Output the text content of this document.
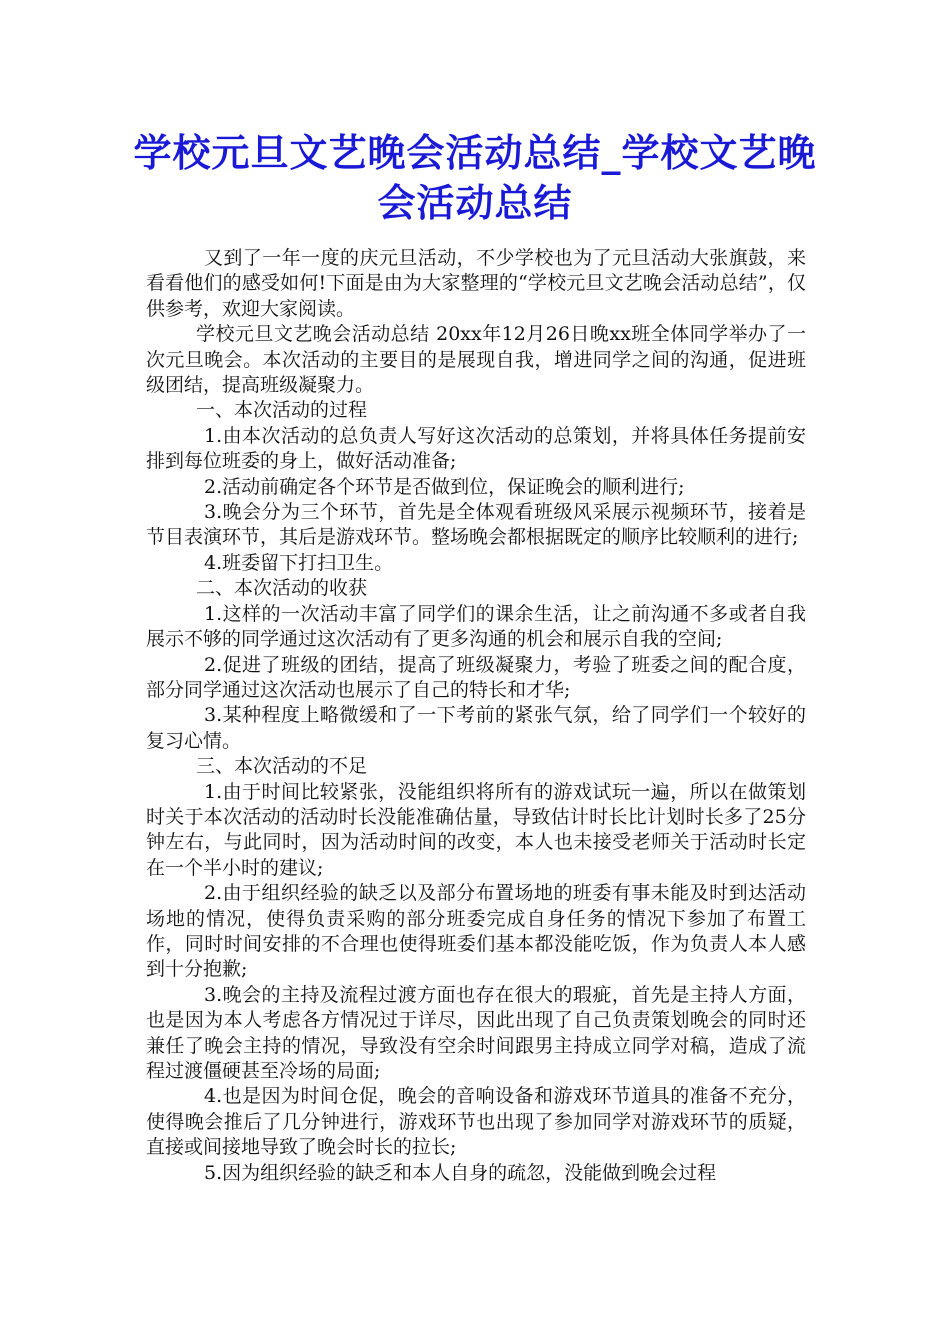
学校元旦文艺晚会活动总结_学校文艺晚会活动总结

又到了一年一度的庆元旦活动，不少学校也为了元旦活动大张旗鼓，来看看他们的感受如何!下面是由为大家整理的“学校元旦文艺晚会活动总结”，仅供参考，欢迎大家阅读。

学校元旦文艺晚会活动总结 20xx年12月26日晚xx班全体同学举办了一次元旦晚会。本次活动的主要目的是展现自我，增进同学之间的沟通，促进班级团结，提高班级凝聚力。

一、本次活动的过程

1.由本次活动的总负责人写好这次活动的总策划，并将具体任务提前安排到每位班委的身上，做好活动准备;

2.活动前确定各个环节是否做到位，保证晚会的顺利进行;

3.晚会分为三个环节，首先是全体观看班级风采展示视频环节，接着是节目表演环节，其后是游戏环节。整场晚会都根据既定的顺序比较顺利的进行;

4.班委留下打扫卫生。

二、本次活动的收获

1.这样的一次活动丰富了同学们的课余生活，让之前沟通不多或者自我展示不够的同学通过这次活动有了更多沟通的机会和展示自我的空间;

2.促进了班级的团结，提高了班级凝聚力，考验了班委之间的配合度，部分同学通过这次活动也展示了自己的特长和才华;

3.某种程度上略微缓和了一下考前的紧张气氛，给了同学们一个较好的复习心情。

三、本次活动的不足

1.由于时间比较紧张，没能组织将所有的游戏试玩一遍，所以在做策划时关于本次活动的活动时长没能准确估量，导致估计时长比计划时长多了25分钟左右，与此同时，因为活动时间的改变，本人也未接受老师关于活动时长定在一个半小时的建议;

2.由于组织经验的缺乏以及部分布置场地的班委有事未能及时到达活动场地的情况，使得负责采购的部分班委完成自身任务的情况下参加了布置工作，同时时间安排的不合理也使得班委们基本都没能吃饭，作为负责人本人感到十分抱歉;

3.晚会的主持及流程过渡方面也存在很大的瑕疵，首先是主持人方面，也是因为本人考虑各方情况过于详尽，因此出现了自己负责策划晚会的同时还兼任了晚会主持的情况，导致没有空余时间跟男主持成立同学对稿，造成了流程过渡僵硬甚至冷场的局面;

4.也是因为时间仓促，晚会的音响设备和游戏环节道具的准备不充分，使得晚会推后了几分钟进行，游戏环节也出现了参加同学对游戏环节的质疑，直接或间接地导致了晚会时长的拉长;

5.因为组织经验的缺乏和本人自身的疏忽，没能做到晚会过程
